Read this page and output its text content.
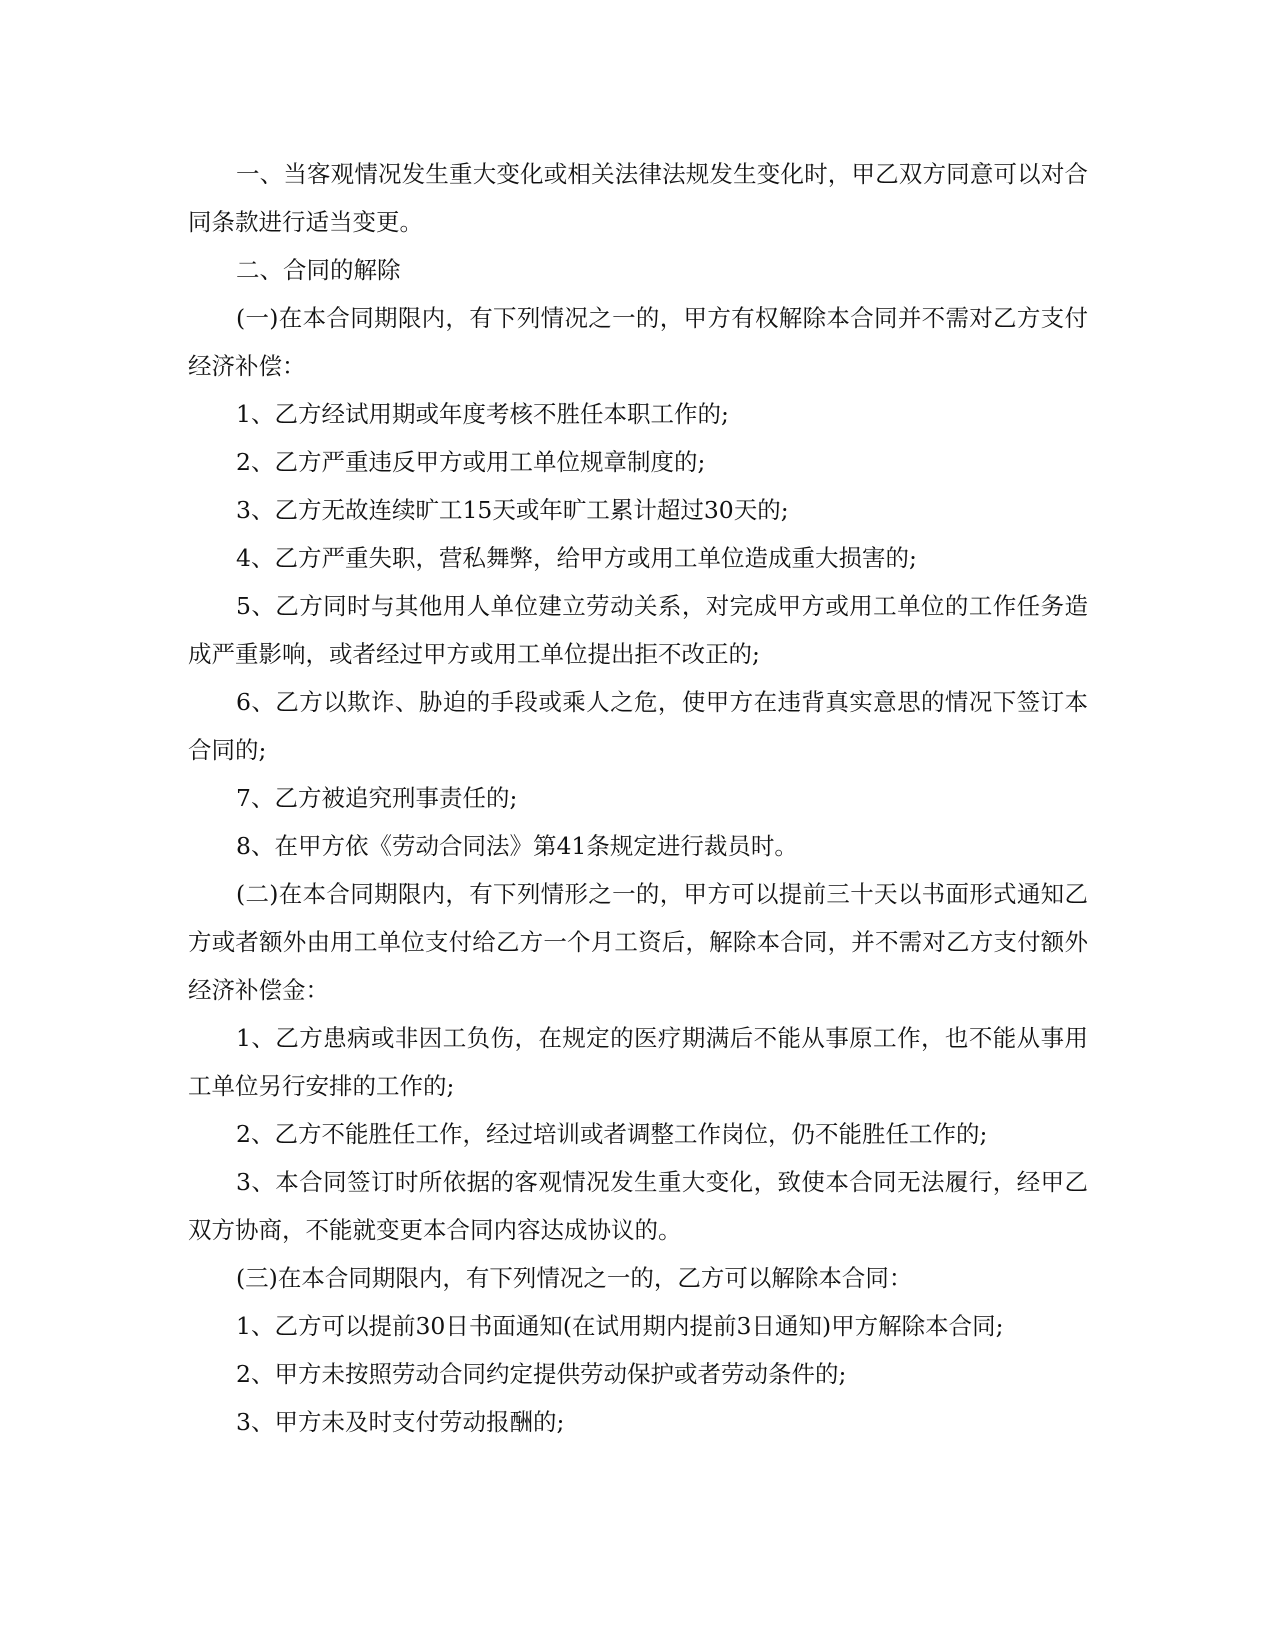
一、当客观情况发生重大变化或相关法律法规发生变化时，甲乙双方同意可以对合同条款进行适当变更。

二、合同的解除

(一)在本合同期限内，有下列情况之一的，甲方有权解除本合同并不需对乙方支付经济补偿：

1、乙方经试用期或年度考核不胜任本职工作的;

2、乙方严重违反甲方或用工单位规章制度的;

3、乙方无故连续旷工15天或年旷工累计超过30天的;

4、乙方严重失职，营私舞弊，给甲方或用工单位造成重大损害的;

5、乙方同时与其他用人单位建立劳动关系，对完成甲方或用工单位的工作任务造成严重影响，或者经过甲方或用工单位提出拒不改正的;

6、乙方以欺诈、胁迫的手段或乘人之危，使甲方在违背真实意思的情况下签订本合同的;

7、乙方被追究刑事责任的;

8、在甲方依《劳动合同法》第41条规定进行裁员时。

(二)在本合同期限内，有下列情形之一的，甲方可以提前三十天以书面形式通知乙方或者额外由用工单位支付给乙方一个月工资后，解除本合同，并不需对乙方支付额外经济补偿金：

1、乙方患病或非因工负伤，在规定的医疗期满后不能从事原工作，也不能从事用工单位另行安排的工作的;

2、乙方不能胜任工作，经过培训或者调整工作岗位，仍不能胜任工作的;

3、本合同签订时所依据的客观情况发生重大变化，致使本合同无法履行，经甲乙双方协商，不能就变更本合同内容达成协议的。

(三)在本合同期限内，有下列情况之一的，乙方可以解除本合同：

1、乙方可以提前30日书面通知(在试用期内提前3日通知)甲方解除本合同;

2、甲方未按照劳动合同约定提供劳动保护或者劳动条件的;

3、甲方未及时支付劳动报酬的;
